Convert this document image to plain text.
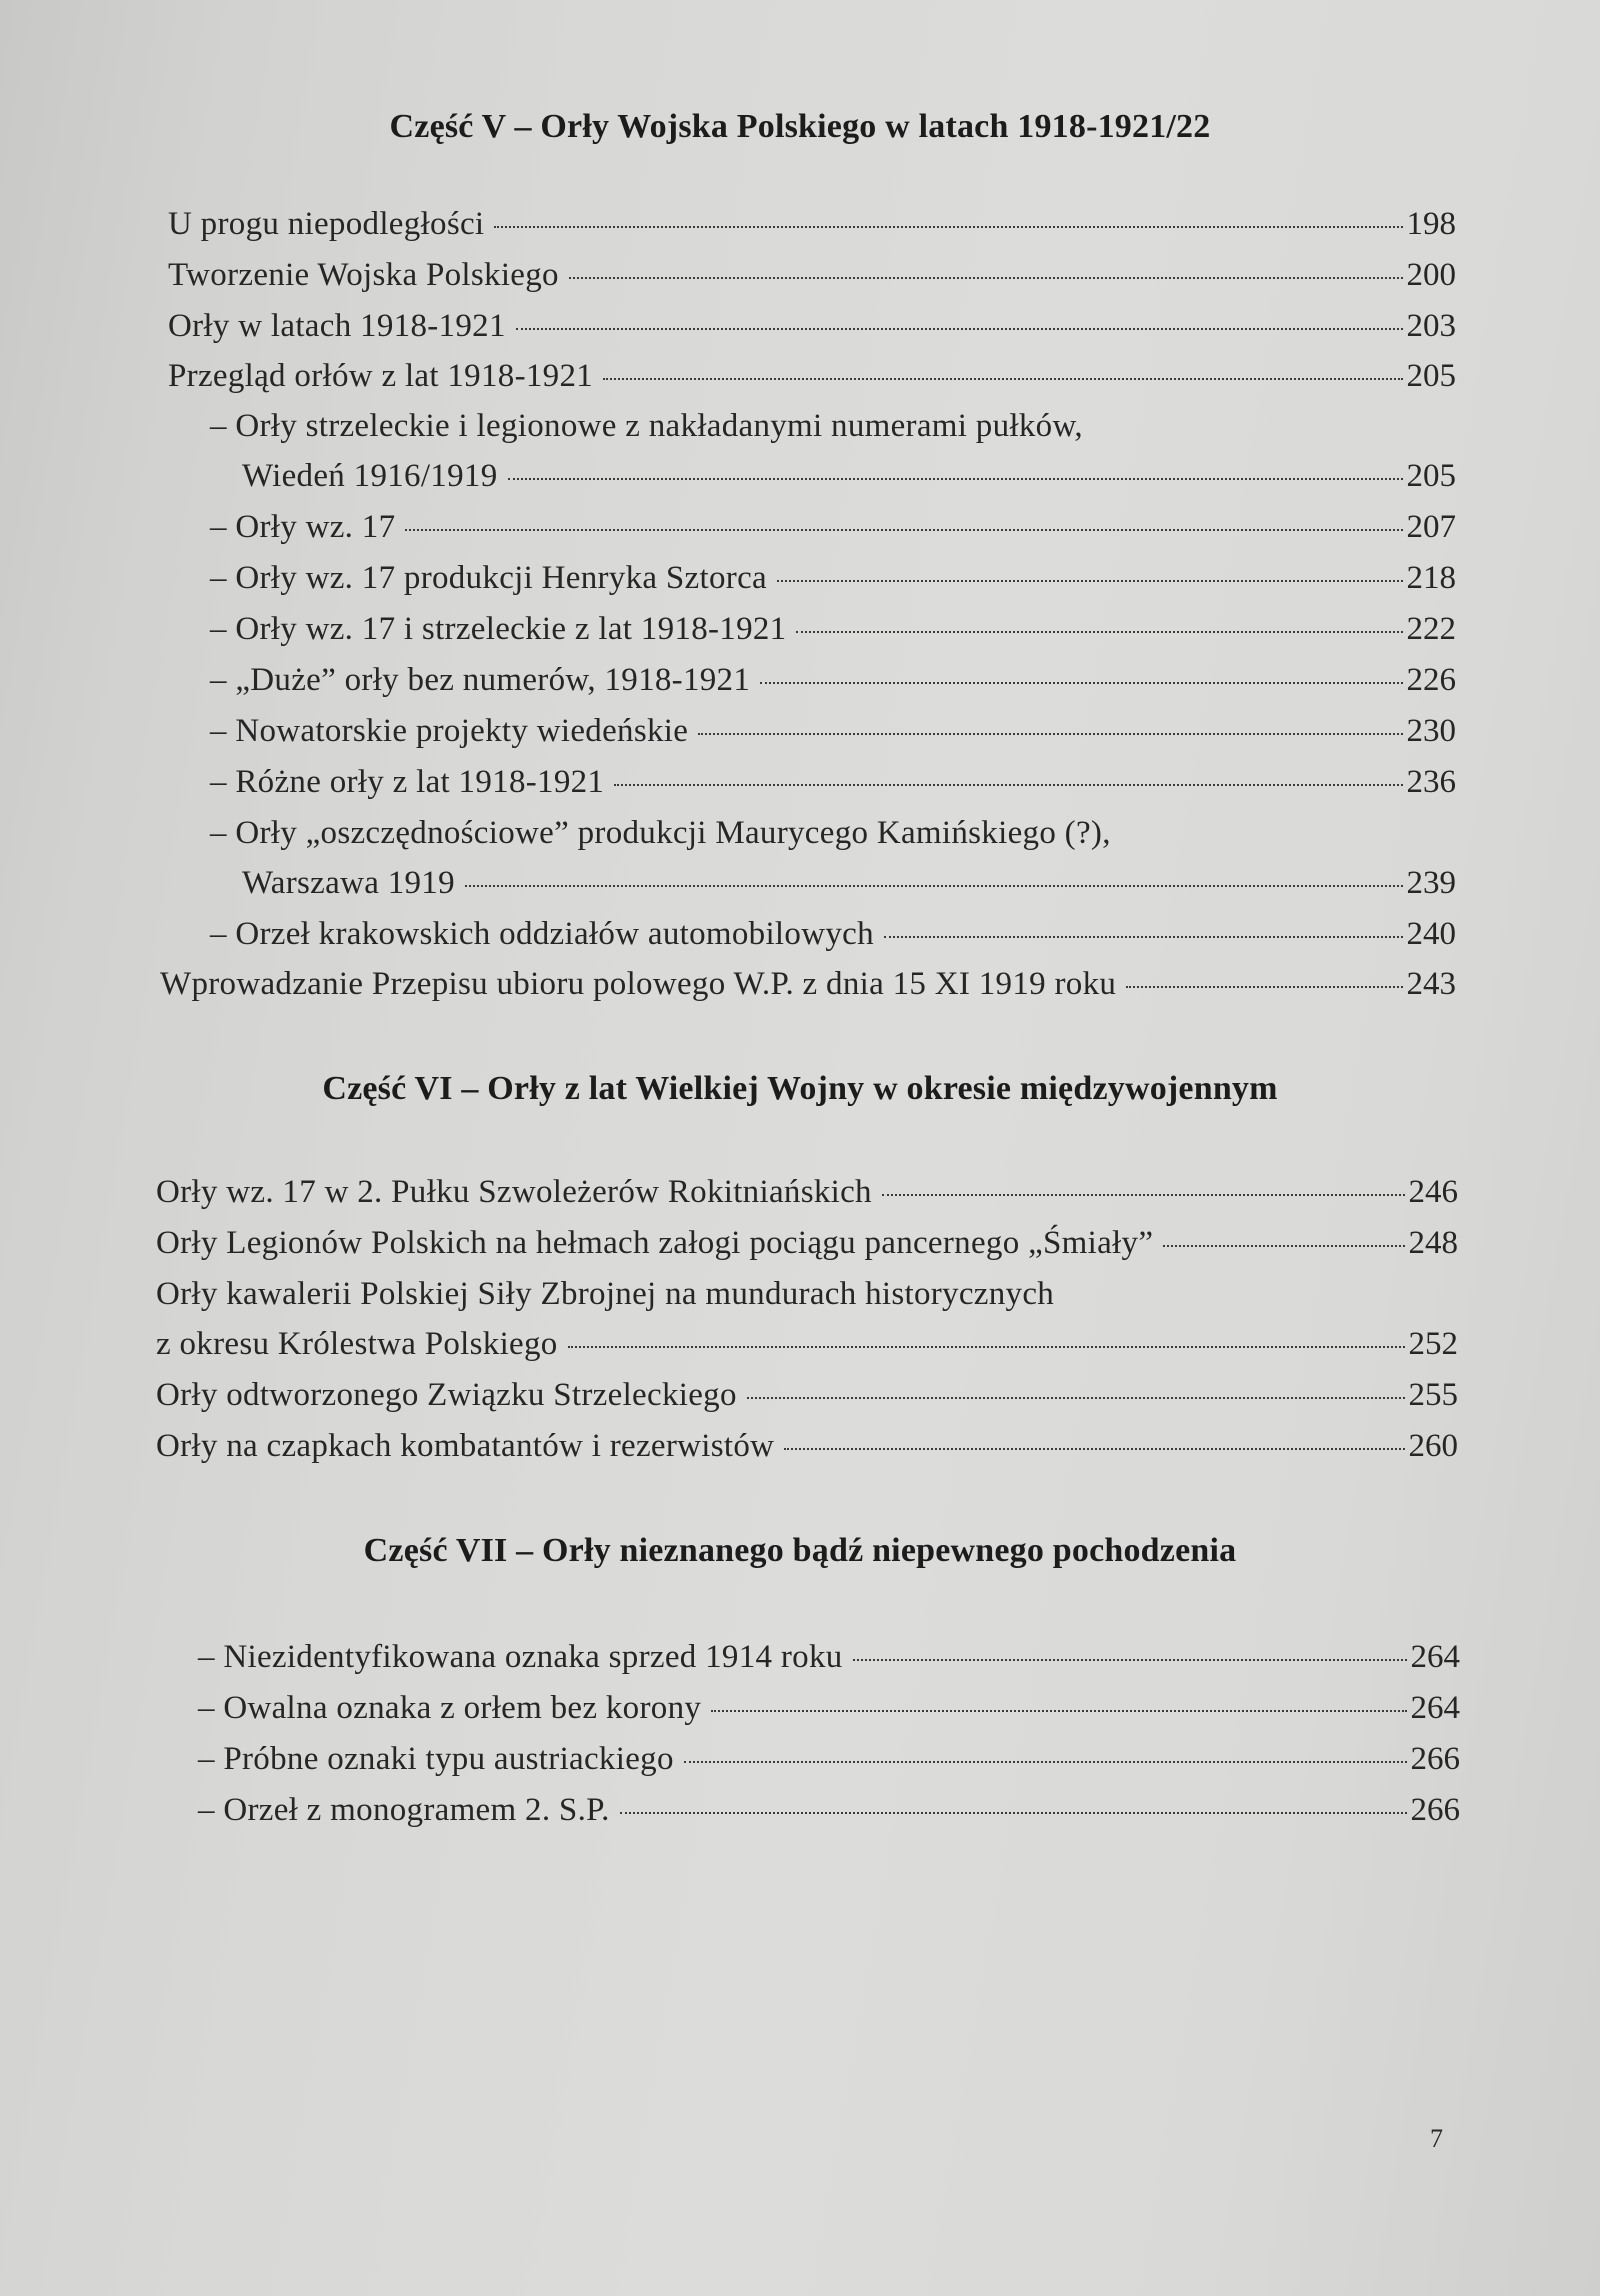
Część V – Orły Wojska Polskiego w latach 1918-1921/22
U progu niepodległości	198
Tworzenie Wojska Polskiego	200
Orły w latach 1918-1921	203
Przegląd orłów z lat 1918-1921	205
– Orły strzeleckie i legionowe z nakładanymi numerami pułków,
Wiedeń 1916/1919	205
– Orły wz. 17	207
– Orły wz. 17 produkcji Henryka Sztorca	218
– Orły wz. 17 i strzeleckie z lat 1918-1921	222
– „Duże” orły bez numerów, 1918-1921	226
– Nowatorskie projekty wiedeńskie	230
– Różne orły z lat 1918-1921	236
– Orły „oszczędnościowe” produkcji Maurycego Kamińskiego (?),
Warszawa 1919	239
– Orzeł krakowskich oddziałów automobilowych	240
Wprowadzanie Przepisu ubioru polowego W.P. z dnia 15 XI 1919 roku	243
Część VI – Orły z lat Wielkiej Wojny w okresie międzywojennym
Orły wz. 17 w 2. Pułku Szwoleżerów Rokitniańskich	246
Orły Legionów Polskich na hełmach załogi pociągu pancernego „Śmiały”	248
Orły kawalerii Polskiej Siły Zbrojnej na mundurach historycznych
z okresu Królestwa Polskiego	252
Orły odtworzonego Związku Strzeleckiego	255
Orły na czapkach kombatantów i rezerwistów	260
Część VII – Orły nieznanego bądź niepewnego pochodzenia
– Niezidentyfikowana oznaka sprzed 1914 roku	264
– Owalna oznaka z orłem bez korony	264
– Próbne oznaki typu austriackiego	266
– Orzeł z monogramem 2. S.P.	266
7
